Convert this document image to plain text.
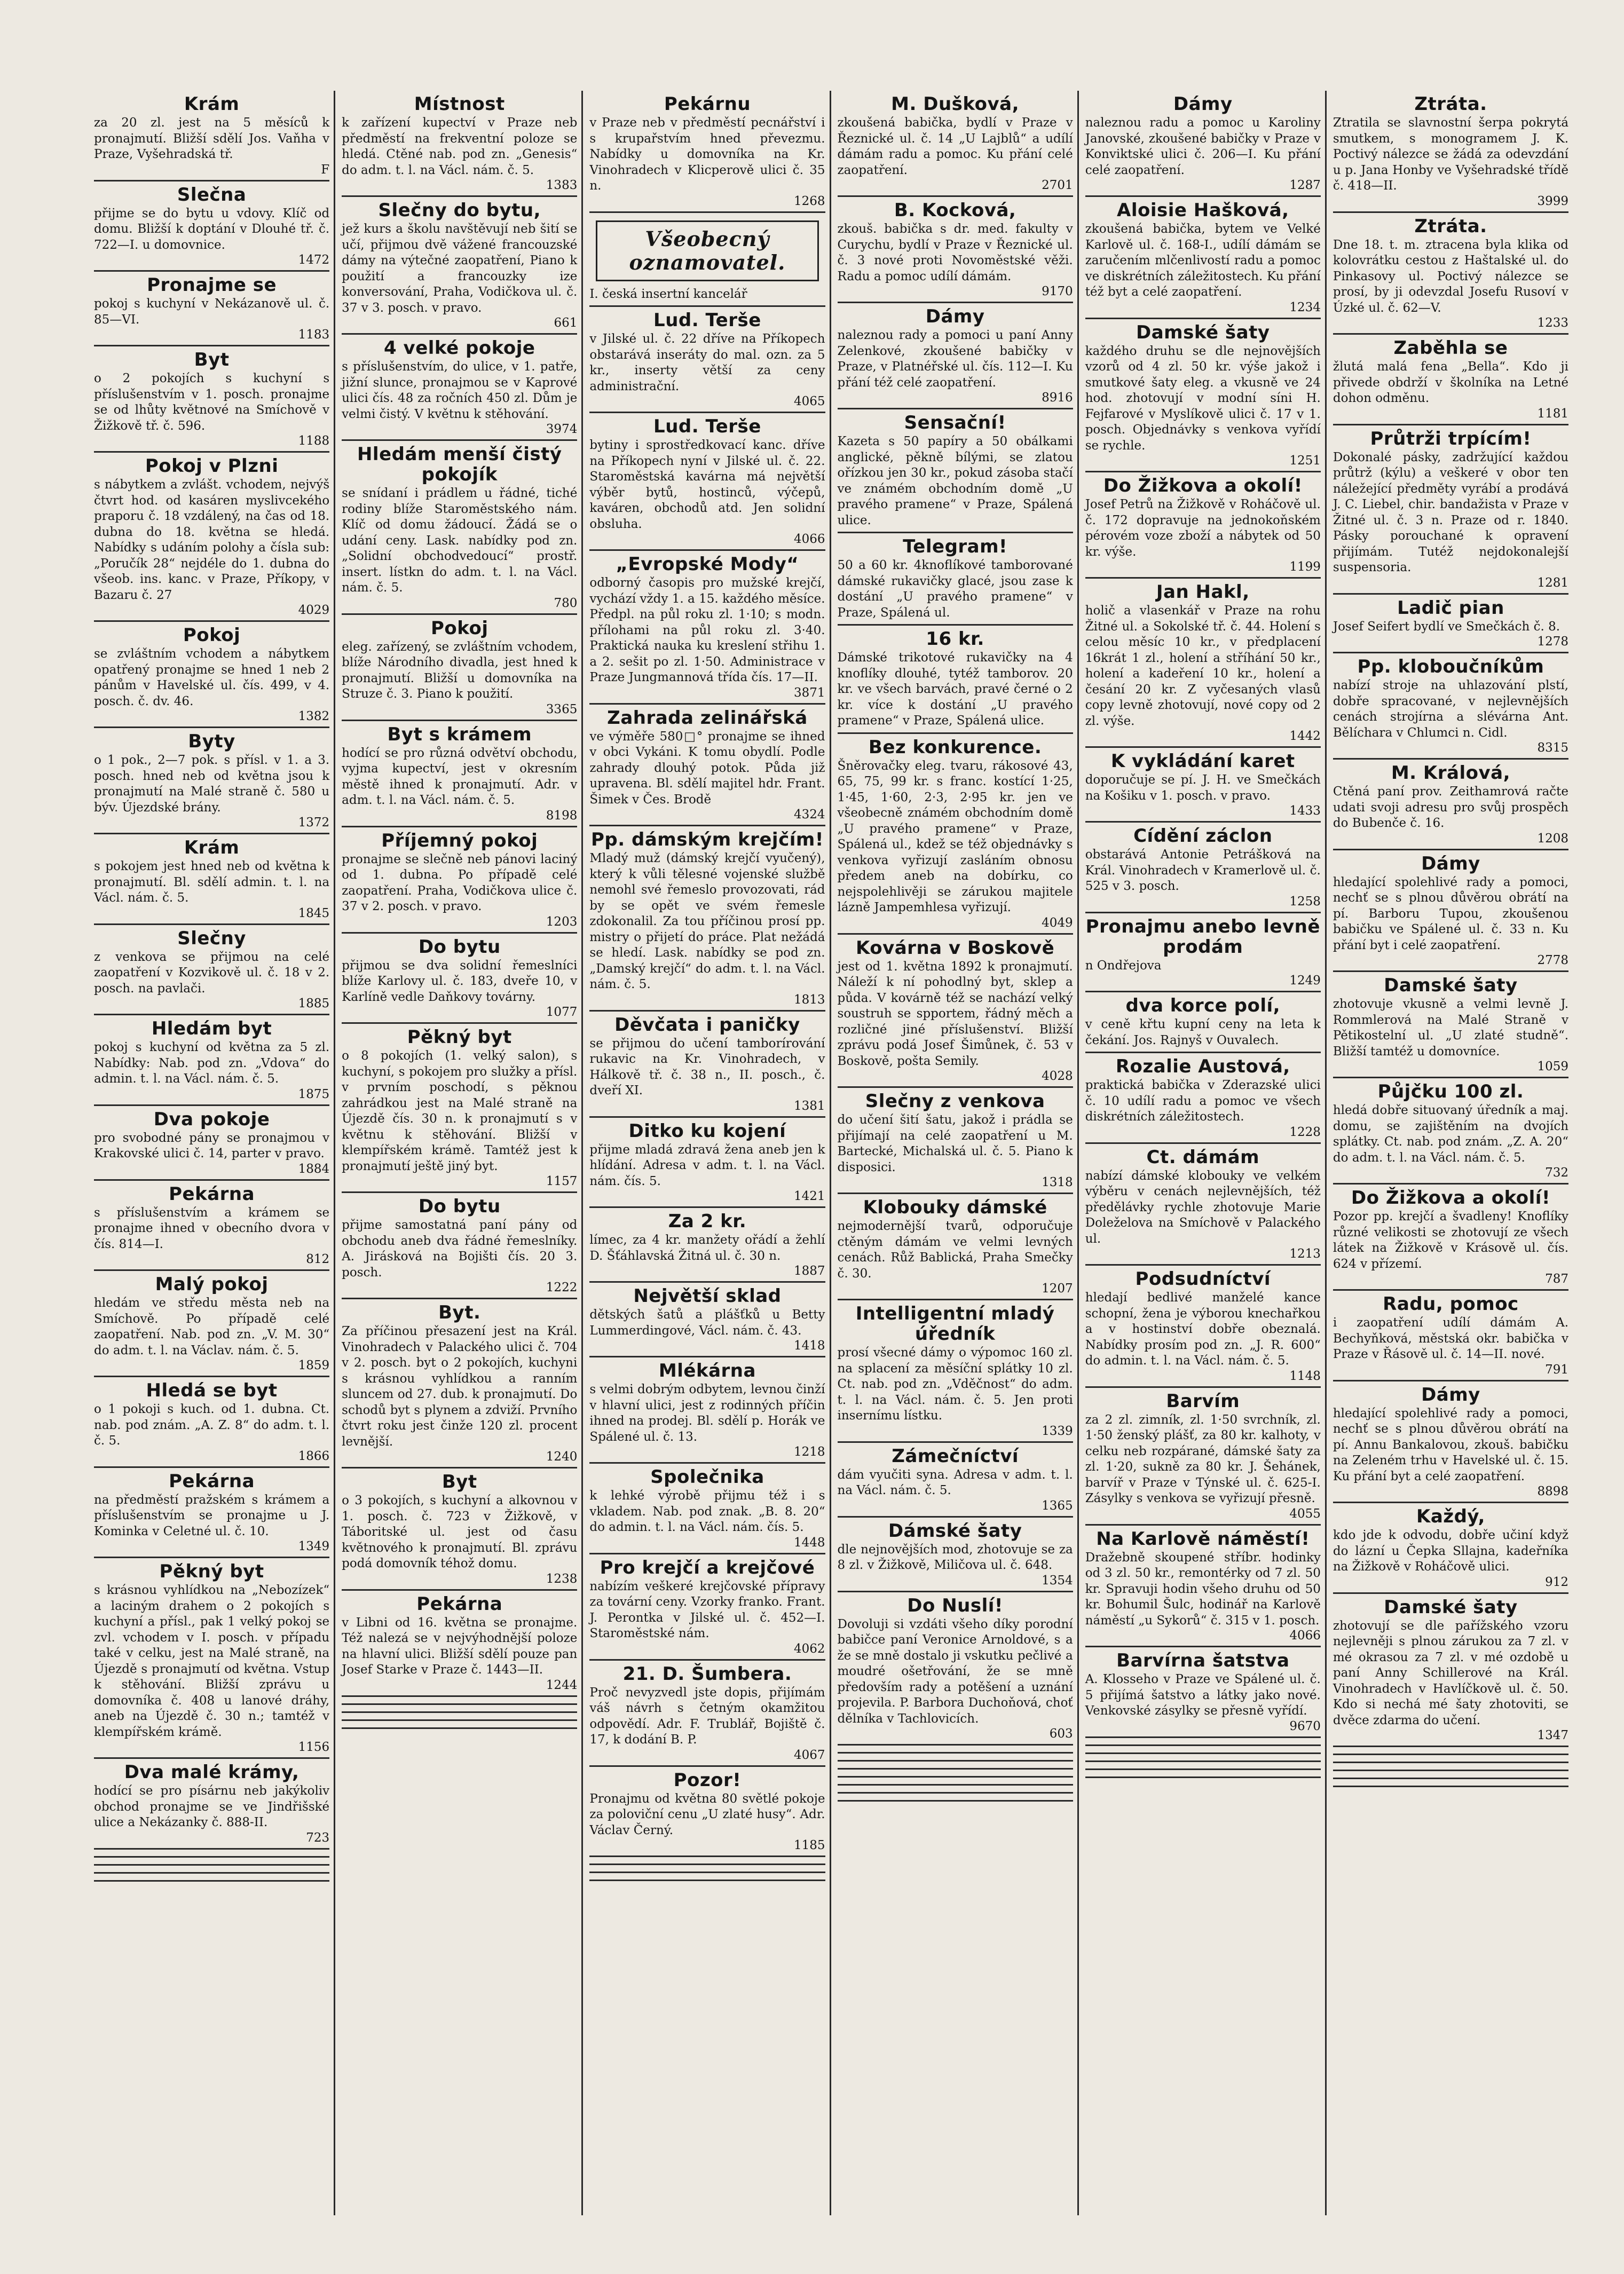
Krám
za 20 zl. jest na 5 měsíců k pronajmutí. Bližší sdělí Jos. Vaňha v Praze, Vyšehradská tř.
F
Slečna
přijme se do bytu u vdovy. Klíč od domu. Bližší k doptání v Dlouhé tř. č. 722—I. u domovnice.
1472
Pronajme se
pokoj s kuchyní v Nekázanově ul. č. 85—VI.
1183
Byt
o 2 pokojích s kuchyní s příslušenstvím v 1. posch. pronajme se od lhůty květnové na Smíchově v Žižkově tř. č. 596.
1188
Pokoj v Plzni
s nábytkem a zvlášt. vchodem, nejvýš čtvrt hod. od kasáren myslivcekého praporu č. 18 vzdálený, na čas od 18. dubna do 18. května se hledá. Nabídky s udáním polohy a čísla sub: „Poručík 28“ nejdéle do 1. dubna do všeob. ins. kanc. v Praze, Příkopy, v Bazaru č. 27
4029
Pokoj
se zvláštním vchodem a nábytkem opatřený pronajme se hned 1 neb 2 pánům v Havelské ul. čís. 499, v 4. posch. č. dv. 46.
1382
Byty
o 1 pok., 2—7 pok. s přísl. v 1. a 3. posch. hned neb od května jsou k pronajmutí na Malé straně č. 580 u býv. Újezdské brány.
1372
Krám
s pokojem jest hned neb od května k pronajmutí. Bl. sdělí admin. t. l. na Václ. nám. č. 5.
1845
Slečny
z venkova se přijmou na celé zaopatření v Kozvikově ul. č. 18 v 2. posch. na pavlači.
1885
Hledám byt
pokoj s kuchyní od května za 5 zl. Nabídky: Nab. pod zn. „Vdova“ do admin. t. l. na Václ. nám. č. 5.
1875
Dva pokoje
pro svobodné pány se pronajmou v Krakovské ulici č. 14, parter v pravo.
1884
Pekárna
s příslušenstvím a krámem se pronajme ihned v obecního dvora v čís. 814—I.
812
Malý pokoj
hledám ve středu města neb na Smíchově. Po případě celé zaopatření. Nab. pod zn. „V. M. 30“ do adm. t. l. na Václav. nám. č. 5.
1859
Hledá se byt
o 1 pokoji s kuch. od 1. dubna. Ct. nab. pod znám. „A. Z. 8“ do adm. t. l. č. 5.
1866
Pekárna
na předměstí pražském s krámem a příslušenstvím se pronajme u J. Kominka v Celetné ul. č. 10.
1349
Pěkný byt
s krásnou vyhlídkou na „Nebozízek“ a laciným drahem o 2 pokojích s kuchyní a přísl., pak 1 velký pokoj se zvl. vchodem v I. posch. v případu také v celku, jest na Malé straně, na Újezdě s pronajmutí od května. Vstup k stěhování. Bližší zprávu u domovníka č. 408 u lanové dráhy, aneb na Újezdě č. 30 n.; tamtéž v klempířském krámě.
1156
Dva malé krámy,
hodící se pro písárnu neb jakýkoliv obchod pronajme se ve Jindřišské ulice a Nekázanky č. 888-II.
723
Místnost
k zařízení kupectví v Praze neb předměstí na frekventní poloze se hledá. Ctěné nab. pod zn. „Genesis“ do adm. t. l. na Václ. nám. č. 5.
1383
Slečny do bytu,
jež kurs a školu navštěvují neb šití se učí, přijmou dvě vážené francouzské dámy na výtečné zaopatření, Piano k použití a francouzky ize konversování, Praha, Vodičkova ul. č. 37 v 3. posch. v pravo.
661
4 velké pokoje
s příslušenstvím, do ulice, v 1. patře, jižní slunce, pronajmou se v Kaprové ulici čís. 48 za ročních 450 zl. Dům je velmi čistý. V květnu k stěhování.
3974
Hledám menší čistý pokojík
se snídaní i prádlem u řádné, tiché rodiny blíže Staroměstského nám. Klíč od domu žádoucí. Žádá se o udání ceny. Lask. nabídky pod zn. „Solidní obchodvedoucí“ prostř. insert. lístkn do adm. t. l. na Václ. nám. č. 5.
780
Pokoj
eleg. zařízený, se zvláštním vchodem, blíže Národního divadla, jest hned k pronajmutí. Bližší u domovníka na Struze č. 3. Piano k použití.
3365
Byt s krámem
hodící se pro různá odvětví obchodu, vyjma kupectví, jest v okresním městě ihned k pronajmutí. Adr. v adm. t. l. na Václ. nám. č. 5.
8198
Příjemný pokoj
pronajme se slečně neb pánovi laciný od 1. dubna. Po případě celé zaopatření. Praha, Vodičkova ulice č. 37 v 2. posch. v pravo.
1203
Do bytu
přijmou se dva solidní řemeslníci blíže Karlovy ul. č. 183, dveře 10, v Karlíně vedle Daňkovy továrny.
1077
Pěkný byt
o 8 pokojích (1. velký salon), s kuchyní, s pokojem pro služky a přísl. v prvním poschodí, s pěknou zahrádkou jest na Malé straně na Újezdě čís. 30 n. k pronajmutí s v květnu k stěhování. Bližší v klempířském krámě. Tamtéž jest k pronajmutí ještě jiný byt.
1157
Do bytu
přijme samostatná paní pány od obchodu aneb dva řádné řemeslníky. A. Jirásková na Bojišti čís. 20 3. posch.
1222
Byt.
Za příčinou přesazení jest na Král. Vinohradech v Palackého ulici č. 704 v 2. posch. byt o 2 pokojích, kuchyni s krásnou vyhlídkou a ranním sluncem od 27. dub. k pronajmutí. Do schodů byt s plynem a zdviží. Prvního čtvrt roku jest činže 120 zl. procent levnější.
1240
Byt
o 3 pokojích, s kuchyní a alkovnou v 1. posch. č. 723 v Žižkově, v Táboritské ul. jest od času květnového k pronajmutí. Bl. zprávu podá domovník téhož domu.
1238
Pekárna
v Libni od 16. května se pronajme. Též nalezá se v nejvýhodnější poloze na hlavní ulici. Bližší sdělí pouze pan Josef Starke v Praze č. 1443—II.
1244
Pekárnu
v Praze neb v předměstí pecnářství i s krupařstvím hned převezmu. Nabídky u domovníka na Kr. Vinohradech v Klicperově ulici č. 35 n.
1268
Všeobecný oznamovatel.
I. česká insertní kancelář
Lud. Terše
v Jilské ul. č. 22 dříve na Příkopech obstarává inseráty do mal. ozn. za 5 kr., inserty větší za ceny administrační.
4065
Lud. Terše
bytiny i sprostředkovací kanc. dříve na Příkopech nyní v Jilské ul. č. 22. Staroměstská kavárna má největší výběr bytů, hostinců, výčepů, kaváren, obchodů atd. Jen solidní obsluha.
4066
„Evropské Mody“
odborný časopis pro mužské krejčí, vychází vždy 1. a 15. každého měsíce. Předpl. na půl roku zl. 1·10; s modn. přílohami na půl roku zl. 3·40. Praktická nauka ku kreslení střihu 1. a 2. sešit po zl. 1·50. Administrace v Praze Jungmannová třída čís. 17—II.
3871
Zahrada zelinářská
ve výměře 580□° pronajme se ihned v obci Vykáni. K tomu obydlí. Podle zahrady dlouhý potok. Půda již upravena. Bl. sdělí majitel hdr. Frant. Šimek v Čes. Brodě
4324
Pp. dámským krejčím!
Mladý muž (dámský krejčí vyučený), který k vůli tělesné vojenské službě nemohl své řemeslo provozovati, rád by se opět ve svém řemesle zdokonalil. Za tou příčinou prosí pp. mistry o přijetí do práce. Plat nežádá se hledí. Lask. nabídky se pod zn. „Damský krejčí“ do adm. t. l. na Václ. nám. č. 5.
1813
Děvčata i paničky
se přijmou do učení tamborírování rukavic na Kr. Vinohradech, v Hálkově tř. č. 38 n., II. posch., č. dveří XI.
1381
Ditko ku kojení
přijme mladá zdravá žena aneb jen k hlídání. Adresa v adm. t. l. na Václ. nám. čís. 5.
1421
Za 2 kr.
límec, za 4 kr. manžety ořádí a žehlí D. Šťáhlavská Žitná ul. č. 30 n.
1887
Největší sklad
dětských šatů a plášťků u Betty Lummerdingové, Václ. nám. č. 43.
1418
Mlékárna
s velmi dobrým odbytem, levnou činží v hlavní ulici, jest z rodinných příčin ihned na prodej. Bl. sdělí p. Horák ve Spálené ul. č. 13.
1218
Společnika
k lehké výrobě přijmu též i s vkladem. Nab. pod znak. „B. 8. 20“ do admin. t. l. na Václ. nám. čís. 5.
1448
Pro krejčí a krejčové
nabízím veškeré krejčovské přípravy za tovární ceny. Vzorky franko. Frant. J. Perontka v Jilské ul. č. 452—I. Staroměstské nám.
4062
21. D. Šumbera.
Proč nevyzvedl jste dopis, přijímám váš návrh s četným okamžitou odpovědí. Adr. F. Trublář, Bojiště č. 17, k dodání B. P.
4067
Pozor!
Pronajmu od května 80 světlé pokoje za poloviční cenu „U zlaté husy“. Adr. Václav Černý.
1185
M. Dušková,
zkoušená babička, bydlí v Praze v Řeznické ul. č. 14 „U Lajblů“ a udílí dámám radu a pomoc. Ku přání celé zaopatření.
2701
B. Kocková,
zkouš. babička s dr. med. fakulty v Curychu, bydlí v Praze v Řeznické ul. č. 3 nové proti Novoměstské věži. Radu a pomoc udílí dámám.
9170
Dámy
naleznou rady a pomoci u paní Anny Zelenkové, zkoušené babičky v Praze, v Platnéřské ul. čís. 112—I. Ku přání též celé zaopatření.
8916
Sensační!
Kazeta s 50 papíry a 50 obálkami anglické, pěkně bílými, se zlatou ořízkou jen 30 kr., pokud zásoba stačí ve známém obchodním domě „U pravého pramene“ v Praze, Spálená ulice.
Telegram!
50 a 60 kr. 4knoflíkové tamborované dámské rukavičky glacé, jsou zase k dostání „U pravého pramene“ v Praze, Spálená ul.
16 kr.
Dámské trikotové rukavičky na 4 knoflíky dlouhé, tytéž tamborov. 20 kr. ve všech barvách, pravé černé o 2 kr. více k dostání „U pravého pramene“ v Praze, Spálená ulice.
Bez konkurence.
Šněrovačky eleg. tvaru, rákosové 43, 65, 75, 99 kr. s franc. kostící 1·25, 1·45, 1·60, 2·3, 2·95 kr. jen ve všeobecně známém obchodním domě „U pravého pramene“ v Praze, Spálená ul., kdež se též objednávky s venkova vyřizují zasláním obnosu předem aneb na dobírku, co nejspolehlivěji se zárukou majitele lázně Jampemhlesa vyřizují.
4049
Kovárna v Boskově
jest od 1. května 1892 k pronajmutí. Náleží k ní pohodlný byt, sklep a půda. V kovárně též se nachází velký soustruh se spportem, řádný měch a rozličné jiné příslušenství. Bližší zprávu podá Josef Šimůnek, č. 53 v Boskově, pošta Semily.
4028
Slečny z venkova
do učení šití šatu, jakož i prádla se přijímají na celé zaopatření u M. Bartecké, Michalská ul. č. 5. Piano k disposici.
1318
Klobouky dámské
nejmodernější tvarů, odporučuje ctěným dámám ve velmi levných cenách. Růž Bablická, Praha Smečky č. 30.
1207
Intelligentní mladý úředník
prosí všecné dámy o výpomoc 160 zl. na splacení za měsíční splátky 10 zl. Ct. nab. pod zn. „Vděčnost“ do adm. t. l. na Václ. nám. č. 5. Jen proti insernímu lístku.
1339
Zámečníctví
dám vyučiti syna. Adresa v adm. t. l. na Václ. nám. č. 5.
1365
Dámské šaty
dle nejnovějších mod, zhotovuje se za 8 zl. v Žižkově, Miličova ul. č. 648.
1354
Do Nuslí!
Dovoluji si vzdáti všeho díky porodní babičce paní Veronice Arnoldové, s a že se mně dostalo ji vskutku pečlivé a moudré ošetřování, že se mně předovším rady a potěšení a uznání projevila. P. Barbora Duchoňová, choť dělníka v Tachlovicích.
603
Dámy
naleznou radu a pomoc u Karoliny Janovské, zkoušené babičky v Praze v Konviktské ulici č. 206—I. Ku přání celé zaopatření.
1287
Aloisie Hašková,
zkoušená babička, bytem ve Velké Karlově ul. č. 168-I., udílí dámám se zaručením mlčenlivostí radu a pomoc ve diskrétních záležitostech. Ku přání též byt a celé zaopatření.
1234
Damské šaty
každého druhu se dle nejnovějších vzorů od 4 zl. 50 kr. výše jakož i smutkové šaty eleg. a vkusně ve 24 hod. zhotovují v modní síni H. Fejfarové v Myslíkově ulici č. 17 v 1. posch. Objednávky s venkova vyřídí se rychle.
1251
Do Žižkova a okolí!
Josef Petrů na Žižkově v Roháčově ul. č. 172 dopravuje na jednokoňském pérovém voze zboží a nábytek od 50 kr. výše.
1199
Jan Hakl,
holič a vlasenkář v Praze na rohu Žitné ul. a Sokolské tř. č. 44. Holení s celou měsíc 10 kr., v předplacení 16krát 1 zl., holení a stříhání 50 kr., holení a kadeření 10 kr., holení a česání 20 kr. Z vyčesaných vlasů copy levně zhotovují, nové copy od 2 zl. výše.
1442
K vykládání karet
doporučuje se pí. J. H. ve Smečkách na Košiku v 1. posch. v pravo.
1433
Cídění záclon
obstarává Antonie Petrášková na Král. Vinohradech v Kramerlově ul. č. 525 v 3. posch.
1258
Pronajmu anebo levně prodám
n Ondřejova
1249
dva korce polí,
v ceně křtu kupní ceny na leta k čekání. Jos. Rajnyš v Ouvalech.
Rozalie Austová,
praktická babička v Zderazské ulici č. 10 udílí radu a pomoc ve všech diskrétních záležitostech.
1228
Ct. dámám
nabízí dámské klobouky ve velkém výběru v cenách nejlevnějších, též předělávky rychle zhotovuje Marie Doleželova na Smíchově v Palackého ul.
1213
Podsudníctví
hledají bedlivé manželé kance schopní, žena je výborou knechařkou a v hostinství dobře obeznalá. Nabídky prosím pod zn. „J. R. 600“ do admin. t. l. na Václ. nám. č. 5.
1148
Barvím
za 2 zl. zimník, zl. 1·50 svrchník, zl. 1·50 ženský plášť, za 80 kr. kalhoty, v celku neb rozpárané, dámské šaty za zl. 1·20, sukně za 80 kr. J. Šehánek, barvíř v Praze v Týnské ul. č. 625-I. Zásylky s venkova se vyřizují přesně.
4055
Na Karlově náměstí!
Dražebně skoupené stříbr. hodinky od 3 zl. 50 kr., remontérky od 7 zl. 50 kr. Spravuji hodin všeho druhu od 50 kr. Bohumil Šulc, hodinář na Karlově náměstí „u Sykorů“ č. 315 v 1. posch.
4066
Barvírna šatstva
A. Klosseho v Praze ve Spálené ul. č. 5 přijímá šatstvo a látky jako nové. Venkovské zásylky se přesně vyřídí.
9670
Ztráta.
Ztratila se slavnostní šerpa pokrytá smutkem, s monogramem J. K. Poctivý nálezce se žádá za odevzdání u p. Jana Honby ve Vyšehradské třídě č. 418—II.
3999
Ztráta.
Dne 18. t. m. ztracena byla klika od kolovrátku cestou z Haštalské ul. do Pinkasovy ul. Poctivý nálezce se prosí, by ji odevzdal Josefu Rusoví v Úzké ul. č. 62—V.
1233
Zaběhla se
žlutá malá fena „Bella“. Kdo ji přivede obdrží v školníka na Letné dohon odměnu.
1181
Průtrži trpícím!
Dokonalé pásky, zadržující každou průtrž (kýlu) a veškeré v obor ten náležející předměty vyrábí a prodává J. C. Liebel, chir. bandažista v Praze v Žitné ul. č. 3 n. Praze od r. 1840. Pásky porouchané k opravení přijímám. Tutéž nejdokonalejší suspensoria.
1281
Ladič pian
Josef Seifert bydlí ve Smečkách č. 8.
1278
Pp. kloboučníkům
nabízí stroje na uhlazování plstí, dobře spracované, v nejlevnějších cenách strojírna a slévárna Ant. Bělíchara v Chlumci n. Cidl.
8315
M. Králová,
Ctěná paní prov. Zeithamrová račte udati svoji adresu pro svůj prospěch do Bubenče č. 16.
1208
Dámy
hledající spolehlivé rady a pomoci, nechť se s plnou důvěrou obrátí na pí. Barboru Tupou, zkoušenou babičku ve Spálené ul. č. 33 n. Ku přání byt i celé zaopatření.
2778
Damské šaty
zhotovuje vkusně a velmi levně J. Rommlerová na Malé Straně v Pětikostelní ul. „U zlaté studně“. Bližší tamtéž u domovníce.
1059
Půjčku 100 zl.
hledá dobře situovaný úředník a maj. domu, se zajištěním na dvojích splátky. Ct. nab. pod znám. „Z. A. 20“ do adm. t. l. na Václ. nám. č. 5.
732
Do Žižkova a okolí!
Pozor pp. krejčí a švadleny! Knoflíky různé velikosti se zhotovují ze všech látek na Žižkově v Krásově ul. čís. 624 v přízemí.
787
Radu, pomoc
i zaopatření udílí dámám A. Bechyňková, městská okr. babička v Praze v Řásově ul. č. 14—II. nové.
791
Dámy
hledající spolehlivé rady a pomoci, nechť se s plnou důvěrou obrátí na pí. Annu Bankalovou, zkouš. babičku na Zeleném trhu v Havelské ul. č. 15. Ku přání byt a celé zaopatření.
8898
Každý,
kdo jde k odvodu, dobře učiní když do lázní u Čepka Sllajna, kadeřníka na Žižkově v Roháčově ulici.
912
Damské šaty
zhotovují se dle pařížského vzoru nejlevněji s plnou zárukou za 7 zl. v mé okrasou za 7 zl. v mé ozdobě u paní Anny Schillerové na Král. Vinohradech v Havlíčkově ul. č. 50. Kdo si nechá mé šaty zhotoviti, se dvěce zdarma do učení.
1347
